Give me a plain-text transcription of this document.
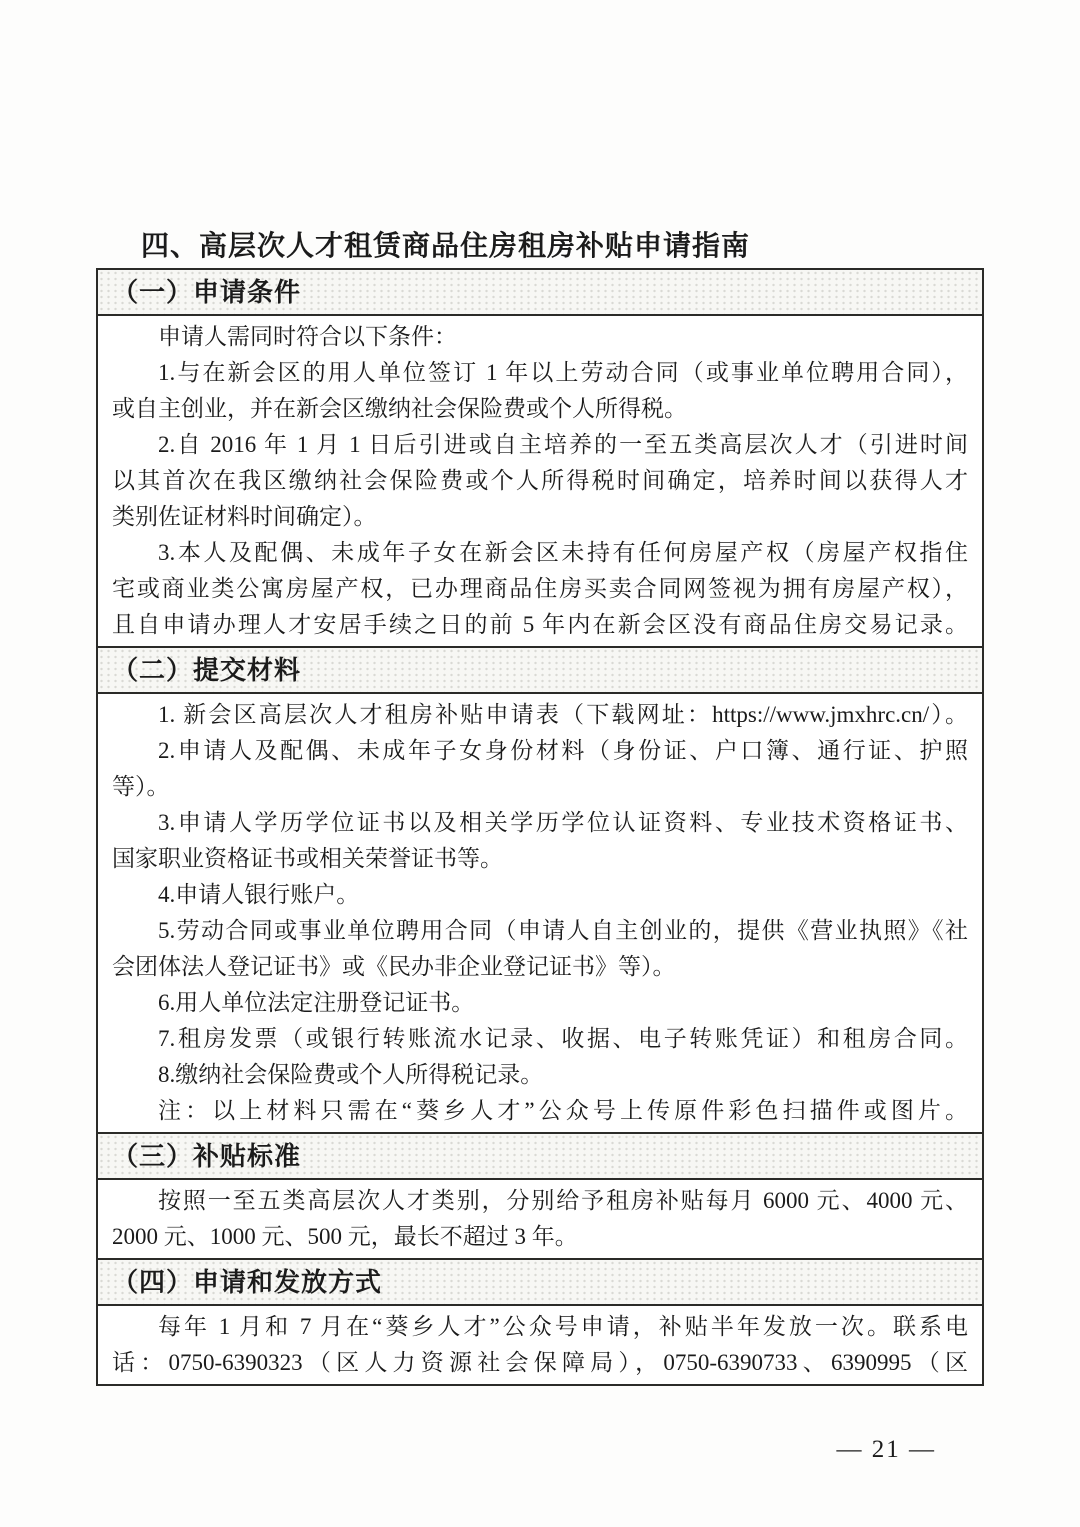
四、高层次人才租赁商品住房租房补贴申请指南
（一）申请条件
申请人需同时符合以下条件：
1.与在新会区的用人单位签订 1 年以上劳动合同（或事业单位聘用合同），
或自主创业，并在新会区缴纳社会保险费或个人所得税。
2.自 2016 年 1 月 1 日后引进或自主培养的一至五类高层次人才（引进时间
以其首次在我区缴纳社会保险费或个人所得税时间确定，培养时间以获得人才
类别佐证材料时间确定）。
3.本人及配偶、未成年子女在新会区未持有任何房屋产权（房屋产权指住
宅或商业类公寓房屋产权，已办理商品住房买卖合同网签视为拥有房屋产权），
且自申请办理人才安居手续之日的前 5 年内在新会区没有商品住房交易记录。
（二）提交材料
1. 新会区高层次人才租房补贴申请表（下载网址：https://www.jmxhrc.cn/）。
2.申请人及配偶、未成年子女身份材料（身份证、户口簿、通行证、护照
等）。
3.申请人学历学位证书以及相关学历学位认证资料、专业技术资格证书、
国家职业资格证书或相关荣誉证书等。
4.申请人银行账户。
5.劳动合同或事业单位聘用合同（申请人自主创业的，提供《营业执照》《社
会团体法人登记证书》或《民办非企业登记证书》等）。
6.用人单位法定注册登记证书。
7.租房发票（或银行转账流水记录、收据、电子转账凭证）和租房合同。
8.缴纳社会保险费或个人所得税记录。
注：以上材料只需在“葵乡人才”公众号上传原件彩色扫描件或图片。
（三）补贴标准
按照一至五类高层次人才类别，分别给予租房补贴每月 6000 元、4000 元、
2000 元、1000 元、500 元，最长不超过 3 年。
（四）申请和发放方式
每年 1 月和 7 月在“葵乡人才”公众号申请，补贴半年发放一次。联系电
话：0750-6390323（区人力资源社会保障局），0750-6390733、6390995（区
— 21 —
